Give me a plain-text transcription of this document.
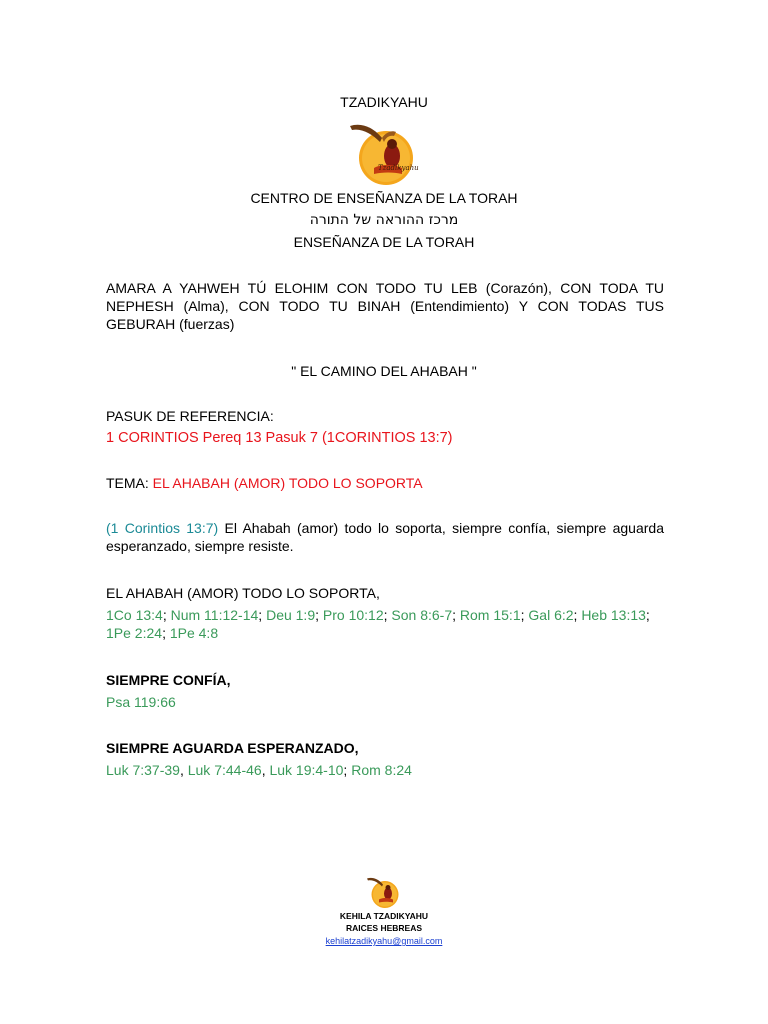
TZADIKYAHU
Tzadikyahu
CENTRO DE ENSEÑANZA DE LA TORAH
מרכז ההוראה של התורה
ENSEÑANZA DE LA TORAH
AMARA A YAHWEH TÚ ELOHIM CON TODO TU LEB (Corazón), CON TODA TU NEPHESH (Alma), CON TODO TU BINAH (Entendimiento) Y CON TODAS TUS GEBURAH (fuerzas)
" EL CAMINO DEL AHABAH "
PASUK DE REFERENCIA:
1 CORINTIOS Pereq 13 Pasuk 7 (1CORINTIOS 13:7)
TEMA: EL AHABAH (AMOR) TODO LO SOPORTA
(1 Corintios 13:7) El Ahabah (amor) todo lo soporta, siempre confía, siempre aguarda esperanzado, siempre resiste.
EL AHABAH (AMOR) TODO LO SOPORTA,
1Co 13:4; Num 11:12-14; Deu 1:9; Pro 10:12; Son 8:6-7; Rom 15:1; Gal 6:2; Heb 13:13; 1Pe 2:24; 1Pe 4:8
SIEMPRE CONFÍA,
Psa 119:66
SIEMPRE AGUARDA ESPERANZADO,
Luk 7:37-39, Luk 7:44-46, Luk 19:4-10; Rom 8:24
KEHILA TZADIKYAHU
RAICES HEBREAS
kehilatzadikyahu@gmail.com
